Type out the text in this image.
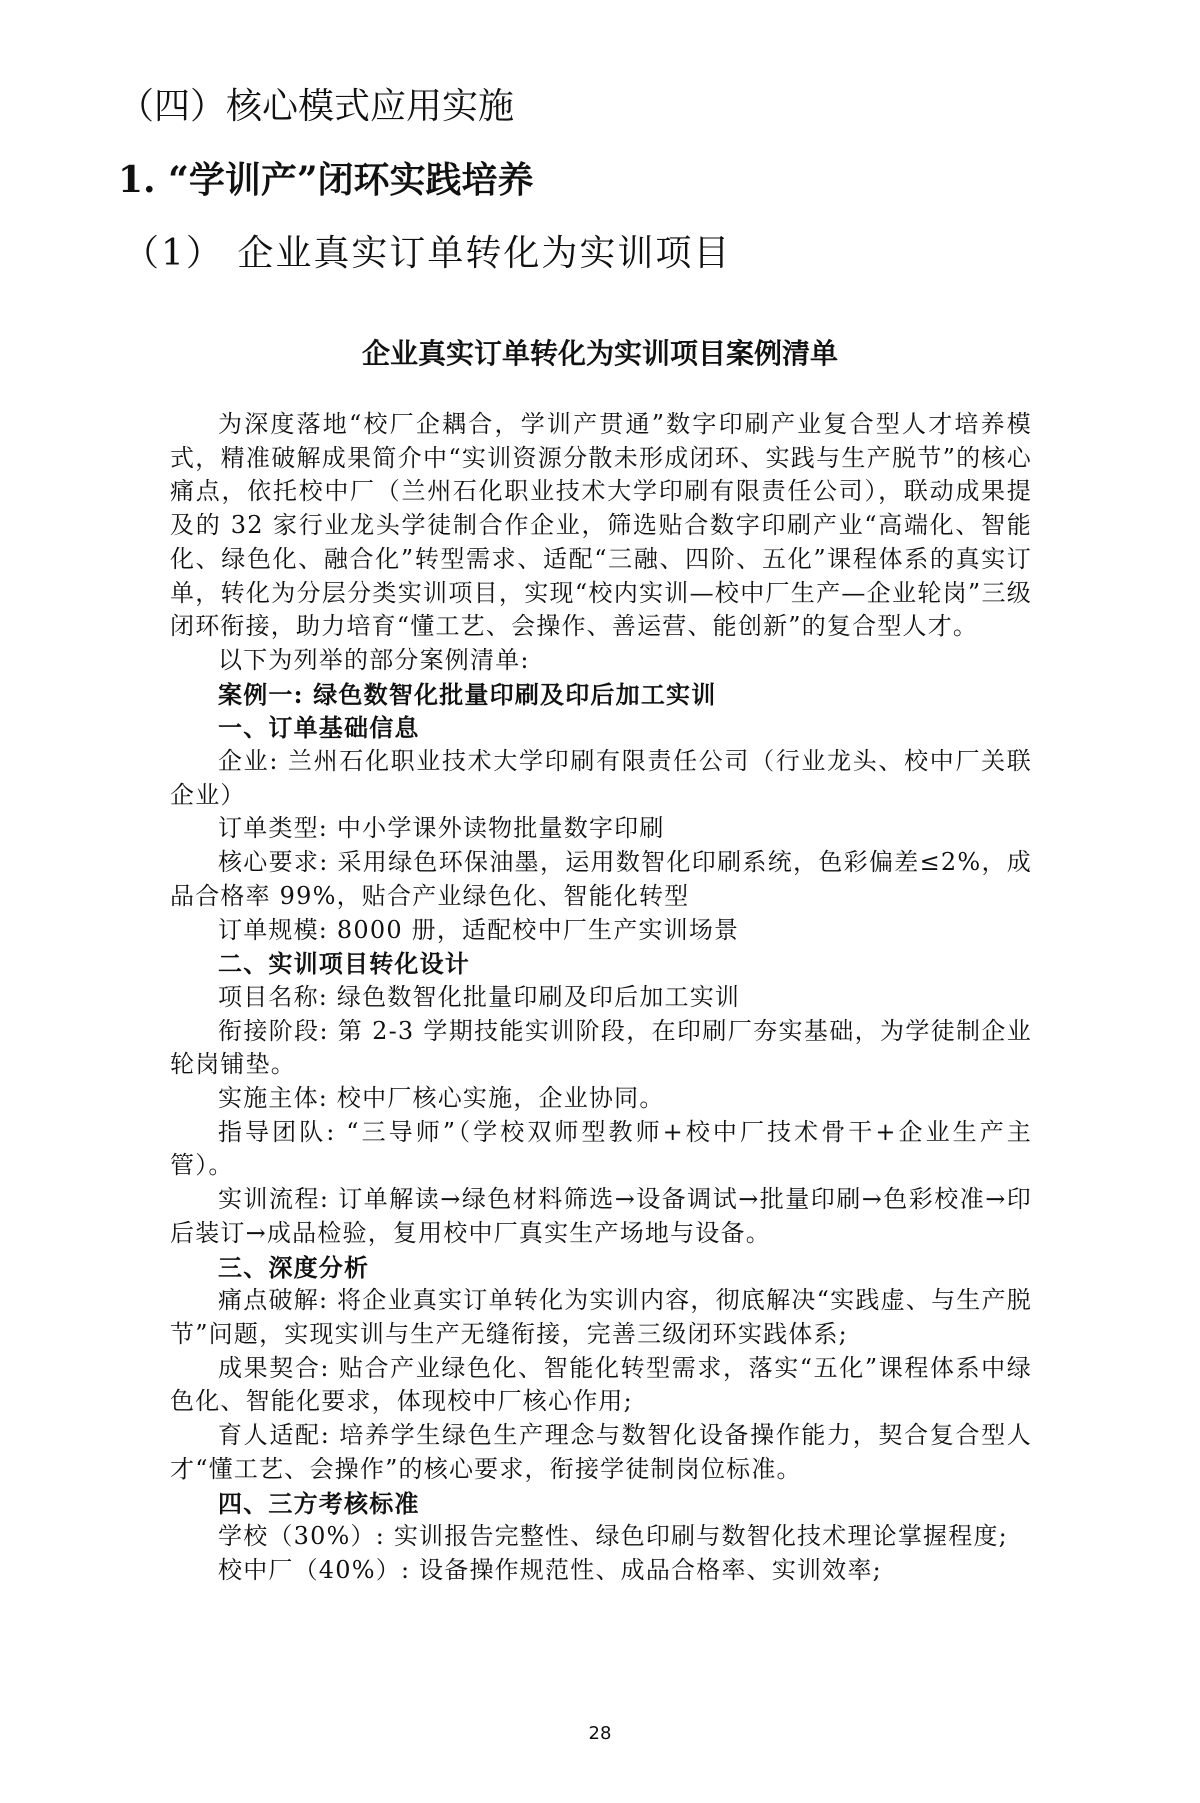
（四）核心模式应用实施
1. “学训产”闭环实践培养
（1） 企业真实订单转化为实训项目
企业真实订单转化为实训项目案例清单

为深度落地“校厂企耦合，学训产贯通”数字印刷产业复合型人才培养模式，精准破解成果简介中“实训资源分散未形成闭环、实践与生产脱节”的核心痛点，依托校中厂（兰州石化职业技术大学印刷有限责任公司），联动成果提及的 32 家行业龙头学徒制合作企业，筛选贴合数字印刷产业“高端化、智能化、绿色化、融合化”转型需求、适配“三融、四阶、五化”课程体系的真实订单，转化为分层分类实训项目，实现“校内实训—校中厂生产—企业轮岗”三级闭环衔接，助力培育“懂工艺、会操作、善运营、能创新”的复合型人才。

以下为列举的部分案例清单:

案例一: 绿色数智化批量印刷及印后加工实训

一、订单基础信息

企业: 兰州石化职业技术大学印刷有限责任公司（行业龙头、校中厂关联企业）

订单类型: 中小学课外读物批量数字印刷

核心要求: 采用绿色环保油墨，运用数智化印刷系统，色彩偏差≤2%，成品合格率 99%，贴合产业绿色化、智能化转型

订单规模: 8000 册，适配校中厂生产实训场景

二、实训项目转化设计

项目名称: 绿色数智化批量印刷及印后加工实训

衔接阶段: 第 2-3 学期技能实训阶段，在印刷厂夯实基础，为学徒制企业轮岗铺垫。

实施主体: 校中厂核心实施，企业协同。

指导团队: “三导师”（学校双师型教师+校中厂技术骨干+企业生产主管）。

实训流程: 订单解读→绿色材料筛选→设备调试→批量印刷→色彩校准→印后装订→成品检验，复用校中厂真实生产场地与设备。

三、深度分析

痛点破解: 将企业真实订单转化为实训内容，彻底解决“实践虚、与生产脱节”问题，实现实训与生产无缝衔接，完善三级闭环实践体系;

成果契合: 贴合产业绿色化、智能化转型需求，落实“五化”课程体系中绿色化、智能化要求，体现校中厂核心作用;

育人适配: 培养学生绿色生产理念与数智化设备操作能力，契合复合型人才“懂工艺、会操作”的核心要求，衔接学徒制岗位标准。

四、三方考核标准

学校（30%）: 实训报告完整性、绿色印刷与数智化技术理论掌握程度;

校中厂（40%）: 设备操作规范性、成品合格率、实训效率;

28
